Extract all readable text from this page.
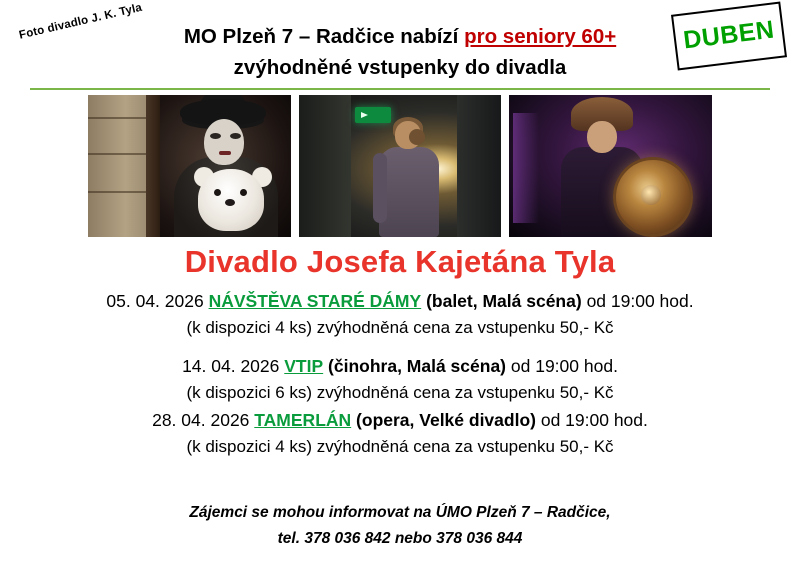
Foto divadlo J. K. Tyla	MO Plzeň 7 – Radčice nabízí pro seniory 60+
zvýhodněné vstupenky do divadla
DUBEN
Divadlo Josefa Kajetána Tyla
05. 04. 2026 NÁVŠTĚVA STARÉ DÁMY (balet, Malá scéna) od 19:00 hod.
(k dispozici 4 ks) zvýhodněná cena za vstupenku 50,- Kč
14. 04. 2026 VTIP (činohra, Malá scéna) od 19:00 hod.
(k dispozici 6 ks) zvýhodněná cena za vstupenku 50,- Kč
28. 04. 2026 TAMERLÁN (opera, Velké divadlo) od 19:00 hod.
(k dispozici 4 ks) zvýhodněná cena za vstupenku 50,- Kč
Zájemci se mohou informovat na ÚMO Plzeň 7 – Radčice,
tel. 378 036 842 nebo 378 036 844
